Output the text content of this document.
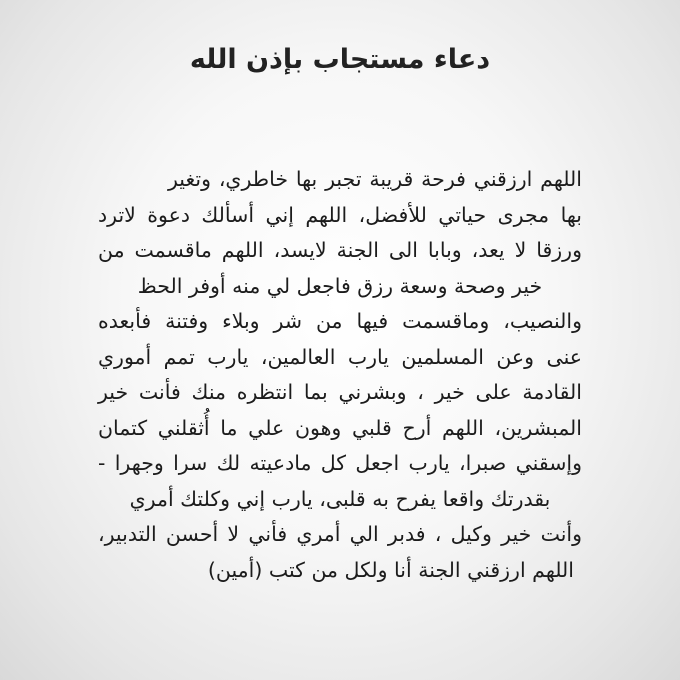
دعاء مستجاب بإذن الله
اللهم ارزقني فرحة قريبة تجبر بها خاطري، وتغير
بها مجرى حياتي للأفضل، اللهم إني أسألك دعوة لاترد
ورزقا لا يعد، وبابا الى الجنة لايسد، اللهم ماقسمت من
خير وصحة وسعة رزق فاجعل لي منه أوفر الحظ
والنصيب، وماقسمت فيها من شر وبلاء وفتنة فأبعده
عنى وعن المسلمين يارب العالمين، يارب تمم أموري
القادمة على خير ، وبشرني بما انتظره منك فأنت خير
المبشرين، اللهم أرح قلبي وهون علي ما أُثقلني كتمان
وإسقني صبرا، يارب اجعل كل مادعيته لك سرا وجهرا -
بقدرتك واقعا يفرح به قلبى، يارب إني وكلتك أمري
وأنت خير وكيل ، فدبر الي أمري فأني لا أحسن التدبير،
اللهم ارزقني الجنة أنا ولكل من كتب (أمين)
